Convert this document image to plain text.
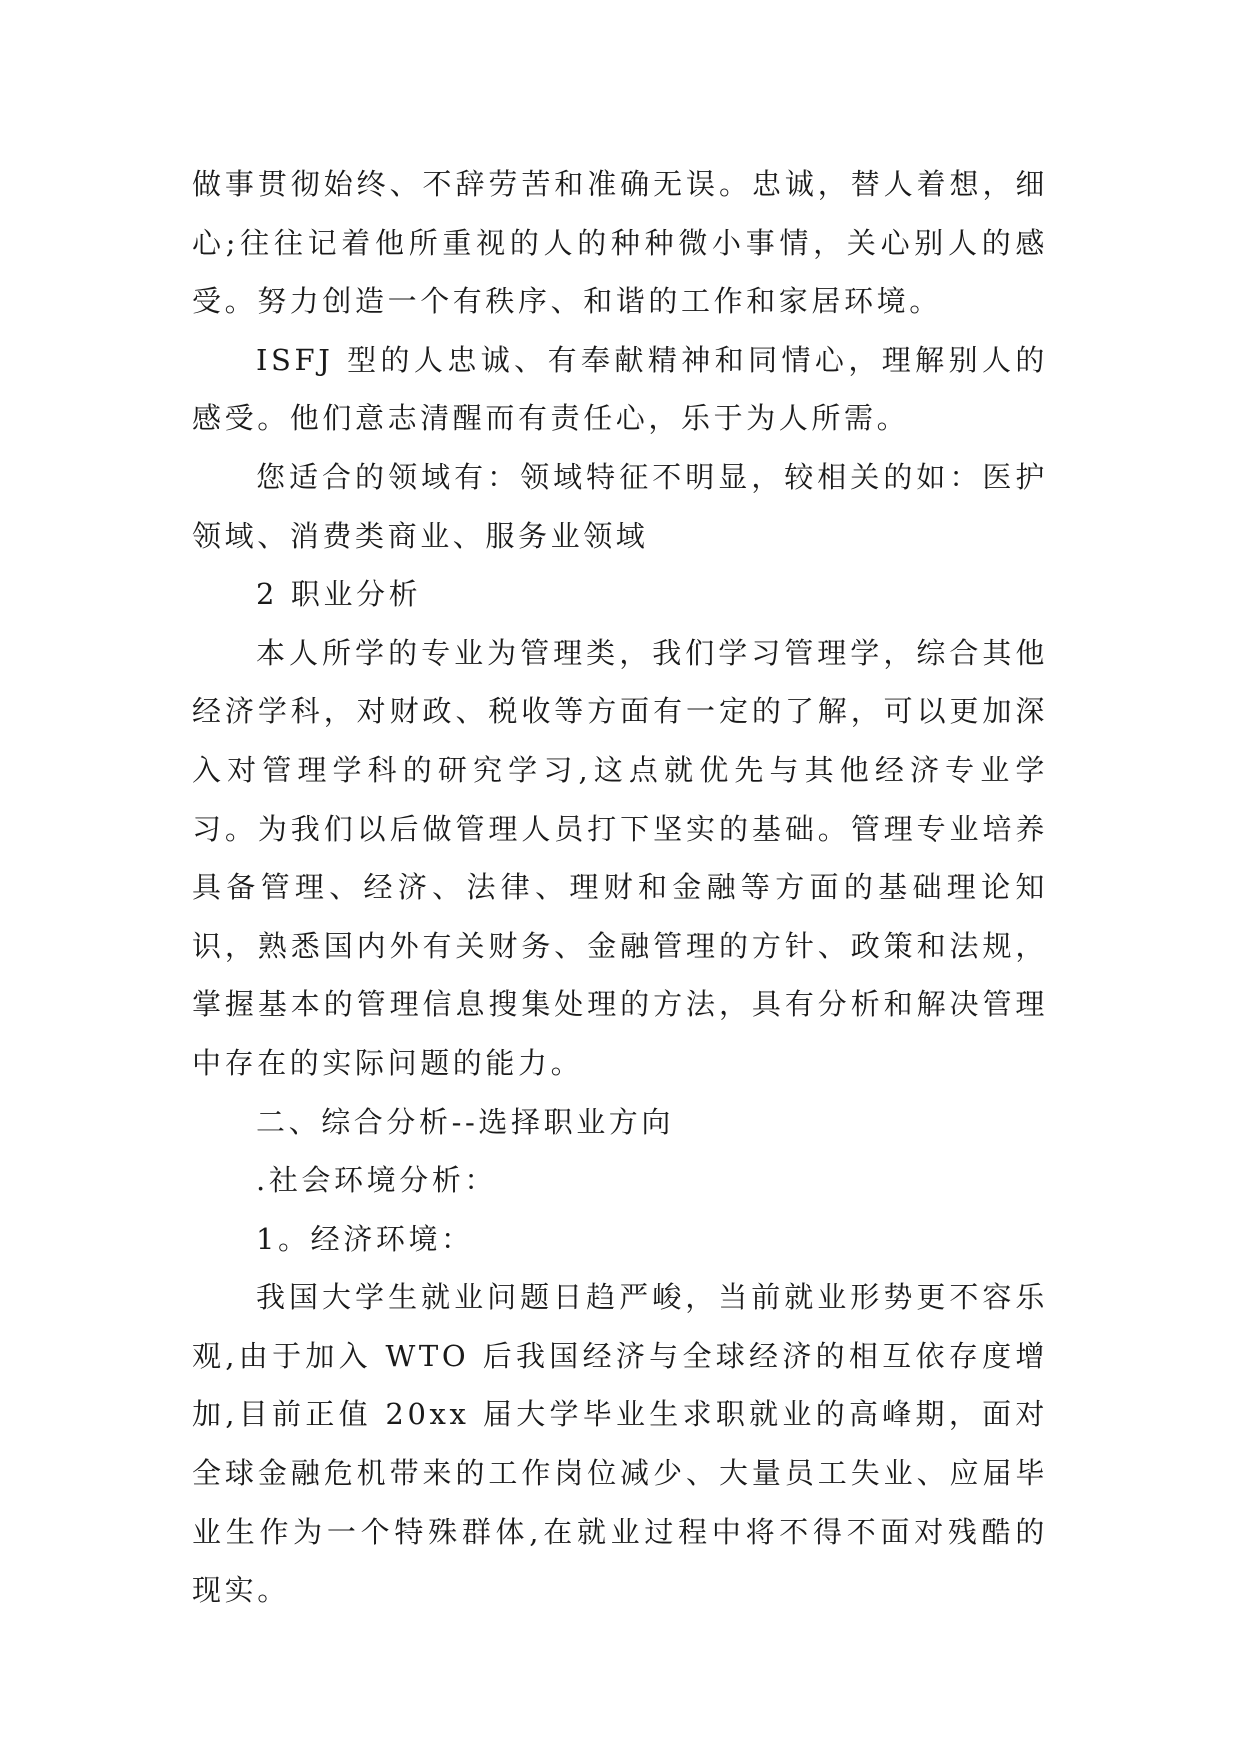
做事贯彻始终、不辞劳苦和准确无误。忠诚，替人着想，细心;往往记着他所重视的人的种种微小事情，关心别人的感受。努力创造一个有秩序、和谐的工作和家居环境。

ISFJ 型的人忠诚、有奉献精神和同情心，理解别人的感受。他们意志清醒而有责任心，乐于为人所需。

您适合的领域有：领域特征不明显，较相关的如：医护领域、消费类商业、服务业领域

2 职业分析

本人所学的专业为管理类，我们学习管理学，综合其他经济学科，对财政、税收等方面有一定的了解，可以更加深入对管理学科的研究学习,这点就优先与其他经济专业学习。为我们以后做管理人员打下坚实的基础。管理专业培养具备管理、经济、法律、理财和金融等方面的基础理论知识，熟悉国内外有关财务、金融管理的方针、政策和法规，掌握基本的管理信息搜集处理的方法，具有分析和解决管理中存在的实际问题的能力。

二、综合分析--选择职业方向

.社会环境分析：

1。经济环境：

我国大学生就业问题日趋严峻，当前就业形势更不容乐观,由于加入 WTO 后我国经济与全球经济的相互依存度增加,目前正值 20xx 届大学毕业生求职就业的高峰期，面对全球金融危机带来的工作岗位减少、大量员工失业、应届毕业生作为一个特殊群体,在就业过程中将不得不面对残酷的现实。
